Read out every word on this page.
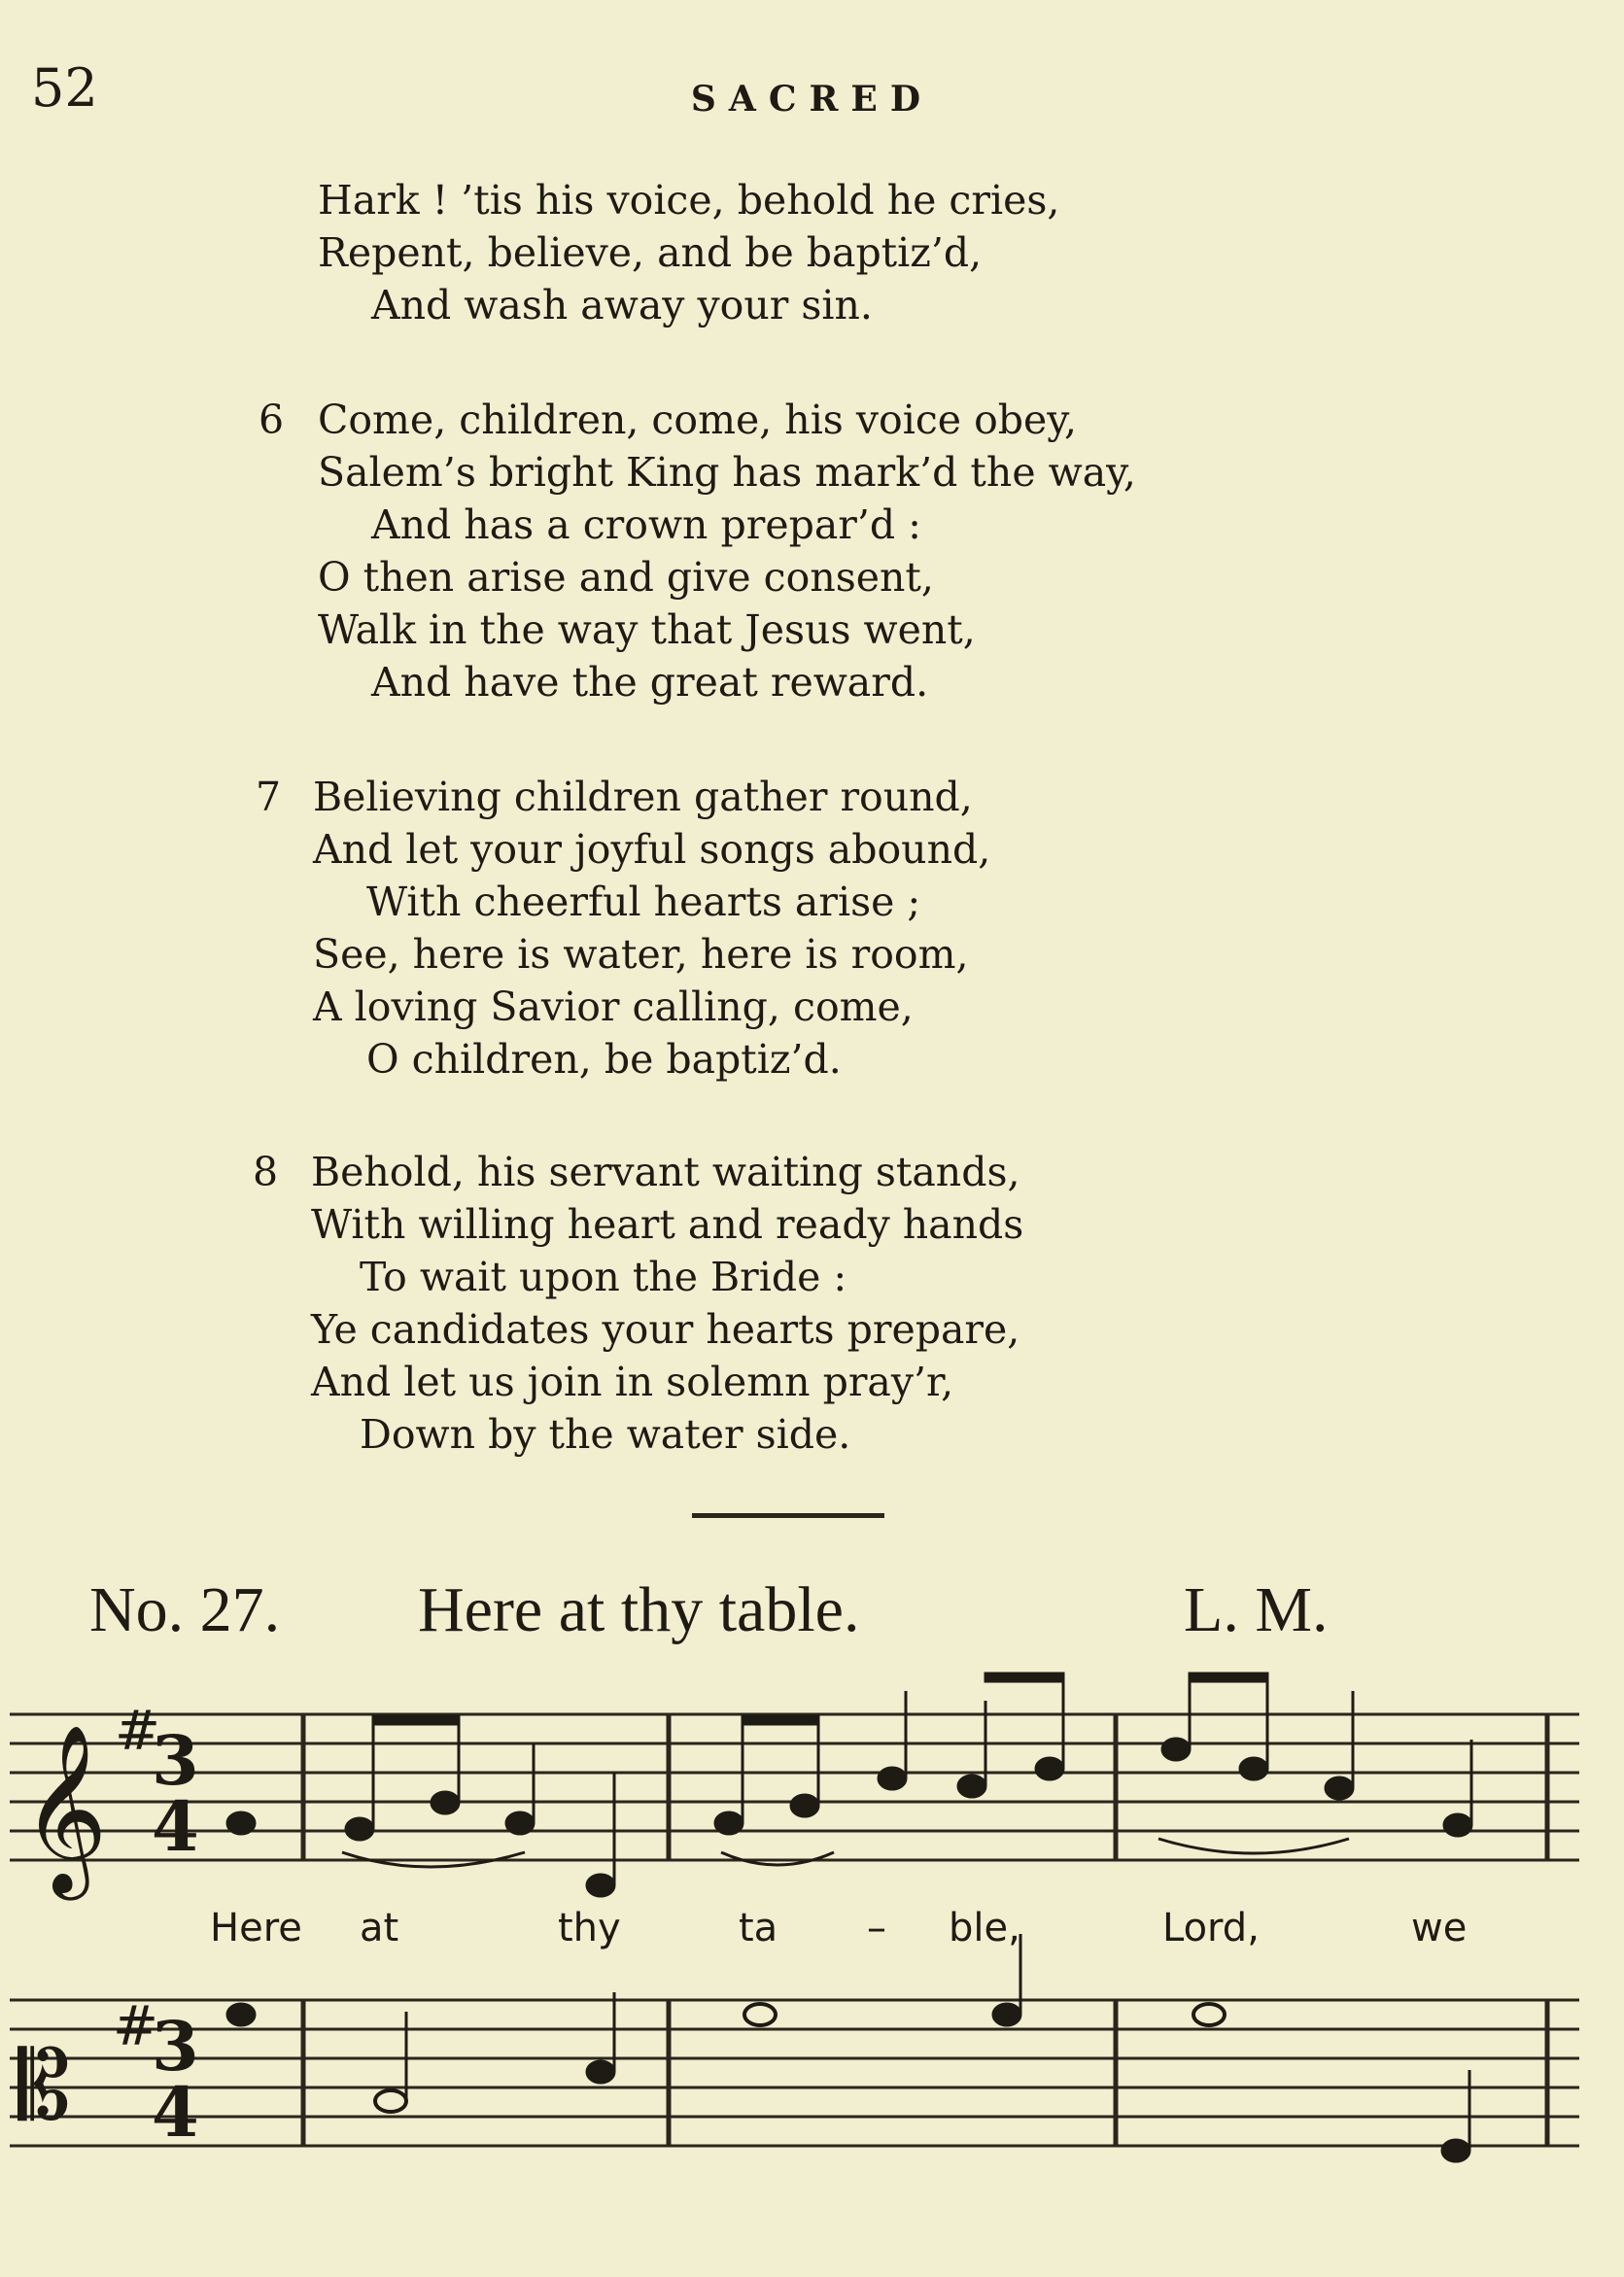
52	SACRED
Hark ! ’tis his voice, behold he cries,
Repent, believe, and be baptiz’d,
And wash away your sin.
6 Come, children, come, his voice obey,
Salem’s bright King has mark’d the way,
And has a crown prepar’d :
O then arise and give consent,
Walk in the way that Jesus went,
And have the great reward.
7 Believing children gather round,
And let your joyful songs abound,
With cheerful hearts arise ;
See, here is water, here is room,
A loving Savior calling, come,
O children, be baptiz’d.
8 Behold, his servant waiting stands,
With willing heart and ready hands
To wait upon the Bride :
Ye candidates your hearts prepare,
And let us join in solemn pray’r,
Down by the water side.
No. 27. Here at thy table.	L. M.
𝄞
𝄡
#
#
3
4
3
4
Here at	thy	ta – ble,	Lord,	we
